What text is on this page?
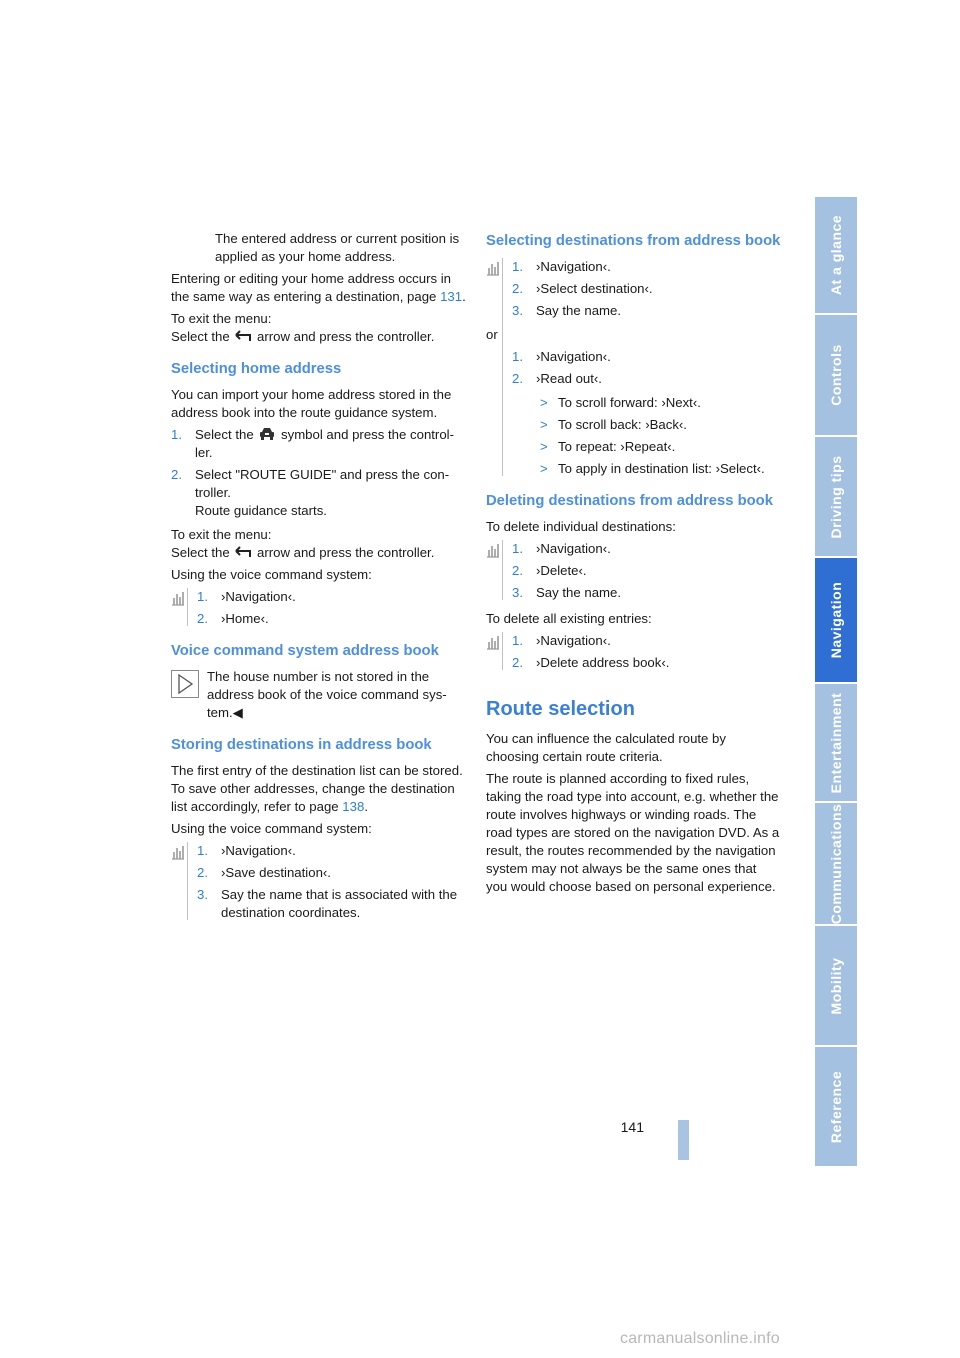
The entered address or current position is applied as your home address.

Entering or editing your home address occurs in the same way as entering a destination, page 131.

To exit the menu:
Select the arrow and press the controller.

Selecting home address

You can import your home address stored in the address book into the route guidance system.

1. Select the symbol and press the control-ler.
2. Select "ROUTE GUIDE" and press the con-troller.
Route guidance starts.

To exit the menu:
Select the arrow and press the controller.

Using the voice command system:

1. ›Navigation‹.
2. ›Home‹.
Voice command system address book
The house number is not stored in the address book of the voice command sys-tem.◀
Storing destinations in address book

The first entry of the destination list can be stored. To save other addresses, change the destination list accordingly, refer to page 138.

Using the voice command system:

1. ›Navigation‹.
2. ›Save destination‹.
3. Say the name that is associated with the destination coordinates.
Selecting destinations from address book
1. ›Navigation‹.
2. ›Select destination‹.
3. Say the name.

or

1. ›Navigation‹.
2. ›Read out‹.
> To scroll forward: ›Next‹.
> To scroll back: ›Back‹.
> To repeat: ›Repeat‹.
> To apply in destination list: ›Select‹.
Deleting destinations from address book

To delete individual destinations:

1. ›Navigation‹.
2. ›Delete‹.
3. Say the name.

To delete all existing entries:

1. ›Navigation‹.
2. ›Delete address book‹.
Route selection

You can influence the calculated route by choosing certain route criteria.

The route is planned according to fixed rules, taking the road type into account, e.g. whether the route involves highways or winding roads. The road types are stored on the navigation DVD. As a result, the routes recommended by the navigation system may not always be the same ones that you would choose based on personal experience.

At a glance
Controls
Driving tips
Navigation
Entertainment
Communications
Mobility
Reference
141
carmanualsonline.info
